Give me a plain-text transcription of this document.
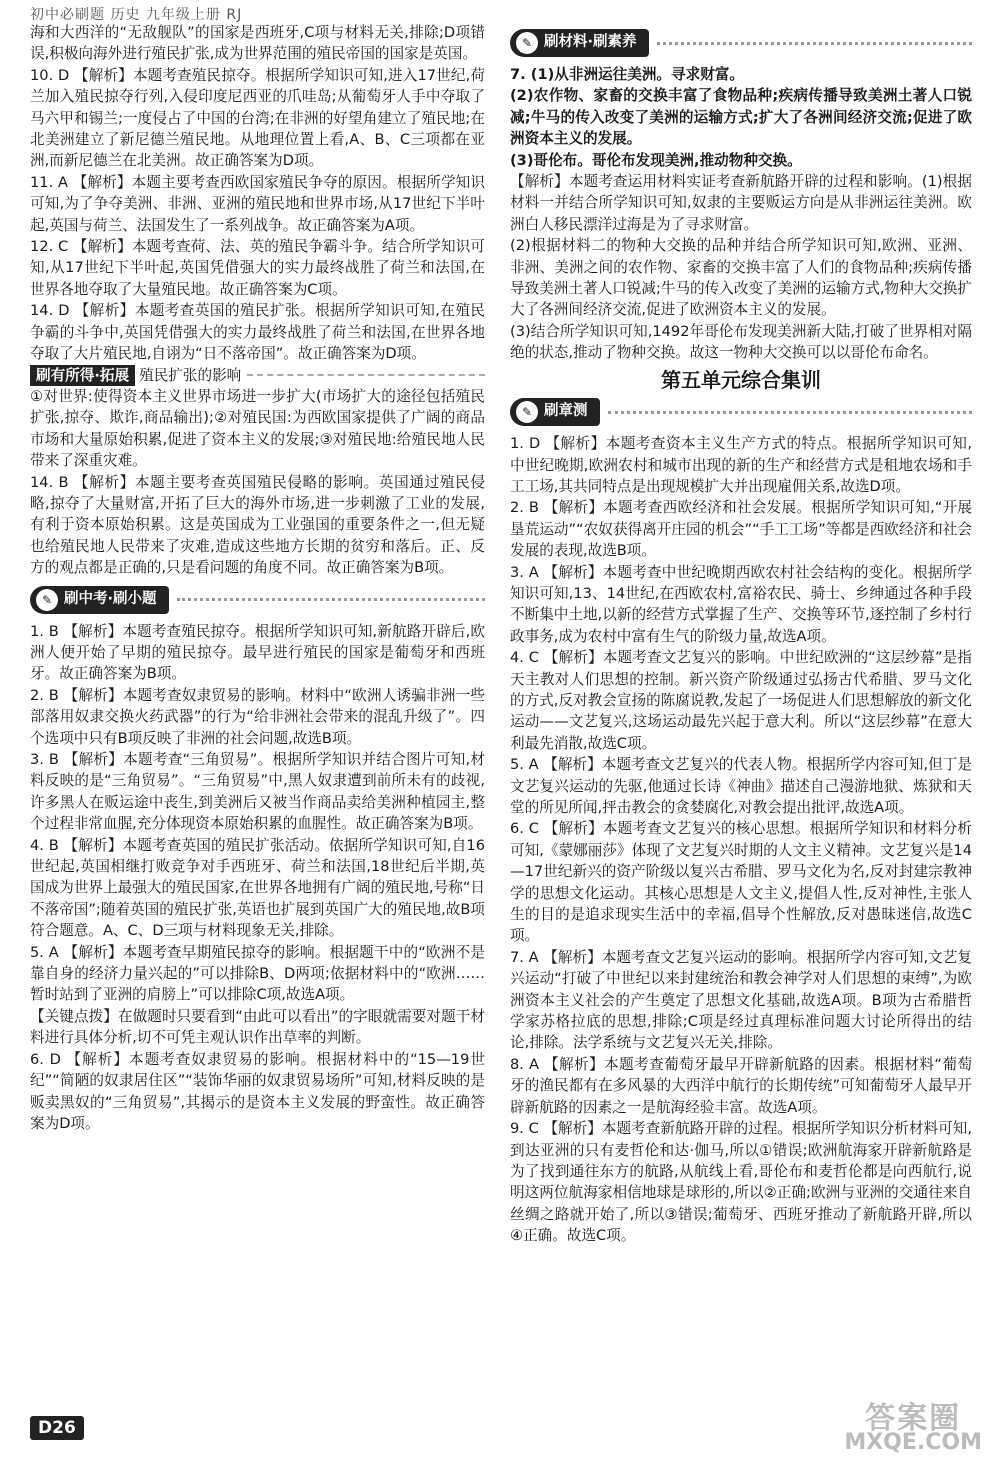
初中必刷题 历史 九年级上册 RJ

海和大西洋的“无敌舰队”的国家是西班牙,C项与材料无关,排除;D项错误,积极向海外进行殖民扩张,成为世界范围的殖民帝国的国家是英国。

10. D 【解析】本题考查殖民掠夺。根据所学知识可知,进入17世纪,荷兰加入殖民掠夺行列,入侵印度尼西亚的爪哇岛;从葡萄牙人手中夺取了马六甲和锡兰;一度侵占了中国的台湾;在非洲的好望角建立了殖民地;在北美洲建立了新尼德兰殖民地。从地理位置上看,A、B、C三项都在亚洲,而新尼德兰在北美洲。故正确答案为D项。

11. A 【解析】本题主要考查西欧国家殖民争夺的原因。根据所学知识可知,为了争夺美洲、非洲、亚洲的殖民地和世界市场,从17世纪下半叶起,英国与荷兰、法国发生了一系列战争。故正确答案为A项。

12. C 【解析】本题考查荷、法、英的殖民争霸斗争。结合所学知识可知,从17世纪下半叶起,英国凭借强大的实力最终战胜了荷兰和法国,在世界各地夺取了大量殖民地。故正确答案为C项。

14. D 【解析】本题考查英国的殖民扩张。根据所学知识可知,在殖民争霸的斗争中,英国凭借强大的实力最终战胜了荷兰和法国,在世界各地夺取了大片殖民地,自诩为“日不落帝国”。故正确答案为D项。

刷有所得·拓展 殖民扩张的影响

①对世界:使得资本主义世界市场进一步扩大(市场扩大的途径包括殖民扩张,掠夺、欺诈,商品输出);②对殖民国:为西欧国家提供了广阔的商品市场和大量原始积累,促进了资本主义的发展;③对殖民地:给殖民地人民带来了深重灾难。

14. B 【解析】本题主要考查英国殖民侵略的影响。英国通过殖民侵略,掠夺了大量财富,开拓了巨大的海外市场,进一步刺激了工业的发展,有利于资本原始积累。这是英国成为工业强国的重要条件之一,但无疑也给殖民地人民带来了灾难,造成这些地方长期的贫穷和落后。正、反方的观点都是正确的,只是看问题的角度不同。故正确答案为B项。

✎ 刷中考·刷小题

1. B 【解析】本题考查殖民掠夺。根据所学知识可知,新航路开辟后,欧洲人便开始了早期的殖民掠夺。最早进行殖民的国家是葡萄牙和西班牙。故正确答案为B项。

2. B 【解析】本题考查奴隶贸易的影响。材料中“欧洲人诱骗非洲一些部落用奴隶交换火药武器”的行为“给非洲社会带来的混乱升级了”。四个选项中只有B项反映了非洲的社会问题,故选B项。

3. B 【解析】本题考查“三角贸易”。根据所学知识并结合图片可知,材料反映的是“三角贸易”。“三角贸易”中,黑人奴隶遭到前所未有的歧视,许多黑人在贩运途中丧生,到美洲后又被当作商品卖给美洲种植园主,整个过程非常血腥,充分体现资本原始积累的血腥性。故正确答案为B项。

4. B 【解析】本题考查英国的殖民扩张活动。依据所学知识可知,自16世纪起,英国相继打败竞争对手西班牙、荷兰和法国,18世纪后半期,英国成为世界上最强大的殖民国家,在世界各地拥有广阔的殖民地,号称“日不落帝国”;随着英国的殖民扩张,英语也扩展到英国广大的殖民地,故B项符合题意。A、C、D三项与材料现象无关,排除。

5. A 【解析】本题考查早期殖民掠夺的影响。根据题干中的“欧洲不是靠自身的经济力量兴起的”可以排除B、D两项;依据材料中的“欧洲……暂时站到了亚洲的肩膀上”可以排除C项,故选A项。

【关键点拨】在做题时只要看到“由此可以看出”的字眼就需要对题干材料进行具体分析,切不可凭主观认识作出草率的判断。

6. D 【解析】本题考查奴隶贸易的影响。根据材料中的“15—19世纪”“简陋的奴隶居住区”“装饰华丽的奴隶贸易场所”可知,材料反映的是贩卖黑奴的“三角贸易”,其揭示的是资本主义发展的野蛮性。故正确答案为D项。

✎ 刷材料·刷素养

7. (1)从非洲运往美洲。寻求财富。

(2)农作物、家畜的交换丰富了食物品种;疾病传播导致美洲土著人口锐减;牛马的传入改变了美洲的运输方式;扩大了各洲间经济交流;促进了欧洲资本主义的发展。

(3)哥伦布。哥伦布发现美洲,推动物种交换。

【解析】本题考查运用材料实证考查新航路开辟的过程和影响。(1)根据材料一并结合所学知识可知,奴隶的主要贩运方向是从非洲运往美洲。欧洲白人移民漂洋过海是为了寻求财富。

(2)根据材料二的物种大交换的品种并结合所学知识可知,欧洲、亚洲、非洲、美洲之间的农作物、家畜的交换丰富了人们的食物品种;疾病传播导致美洲土著人口锐减;牛马的传入改变了美洲的运输方式,物种大交换扩大了各洲间经济交流,促进了欧洲资本主义的发展。

(3)结合所学知识可知,1492年哥伦布发现美洲新大陆,打破了世界相对隔绝的状态,推动了物种交换。故这一物种大交换可以以哥伦布命名。

第五单元综合集训
✎ 刷章测

1. D 【解析】本题考查资本主义生产方式的特点。根据所学知识可知,中世纪晚期,欧洲农村和城市出现的新的生产和经营方式是租地农场和手工工场,其共同特点是出现规模扩大并出现雇佣关系,故选D项。

2. B 【解析】本题考查西欧经济和社会发展。根据所学知识可知,“开展垦荒运动”“农奴获得离开庄园的机会”“手工工场”等都是西欧经济和社会发展的表现,故选B项。

3. A 【解析】本题考查中世纪晚期西欧农村社会结构的变化。根据所学知识可知,13、14世纪,在西欧农村,富裕农民、骑士、乡绅通过各种手段不断集中土地,以新的经营方式掌握了生产、交换等环节,逐控制了乡村行政事务,成为农村中富有生气的阶级力量,故选A项。

4. C 【解析】本题考查文艺复兴的影响。中世纪欧洲的“这层纱幕”是指天主教对人们思想的控制。新兴资产阶级通过弘扬古代希腊、罗马文化的方式,反对教会宣扬的陈腐说教,发起了一场促进人们思想解放的新文化运动——文艺复兴,这场运动最先兴起于意大利。所以“这层纱幕”在意大利最先消散,故选C项。

5. A 【解析】本题考查文艺复兴的代表人物。根据所学内容可知,但丁是文艺复兴运动的先驱,他通过长诗《神曲》描述自己漫游地狱、炼狱和天堂的所见所闻,抨击教会的贪婪腐化,对教会提出批评,故选A项。

6. C 【解析】本题考查文艺复兴的核心思想。根据所学知识和材料分析可知,《蒙娜丽莎》体现了文艺复兴时期的人文主义精神。文艺复兴是14—17世纪新兴的资产阶级以复兴古希腊、罗马文化为名,反对封建宗教神学的思想文化运动。其核心思想是人文主义,提倡人性,反对神性,主张人生的目的是追求现实生活中的幸福,倡导个性解放,反对愚昧迷信,故选C项。

7. A 【解析】本题考查文艺复兴运动的影响。根据所学内容可知,文艺复兴运动“打破了中世纪以来封建统治和教会神学对人们思想的束缚”,为欧洲资本主义社会的产生奠定了思想文化基础,故选A项。B项为古希腊哲学家苏格拉底的思想,排除;C项是经过真理标准问题大讨论所得出的结论,排除。法学系统与文艺复兴无关,排除。

8. A 【解析】本题考查葡萄牙最早开辟新航路的因素。根据材料“葡萄牙的渔民都有在多风暴的大西洋中航行的长期传统”可知葡萄牙人最早开辟新航路的因素之一是航海经验丰富。故选A项。

9. C 【解析】本题考查新航路开辟的过程。根据所学知识分析材料可知,到达亚洲的只有麦哲伦和达·伽马,所以①错误;欧洲航海家开辟新航路是为了找到通往东方的航路,从航线上看,哥伦布和麦哲伦都是向西航行,说明这两位航海家相信地球是球形的,所以②正确;欧洲与亚洲的交通往来自丝绸之路就开始了,所以③错误;葡萄牙、西班牙推动了新航路开辟,所以④正确。故选C项。

D26	答案圈
MXQE.COM
